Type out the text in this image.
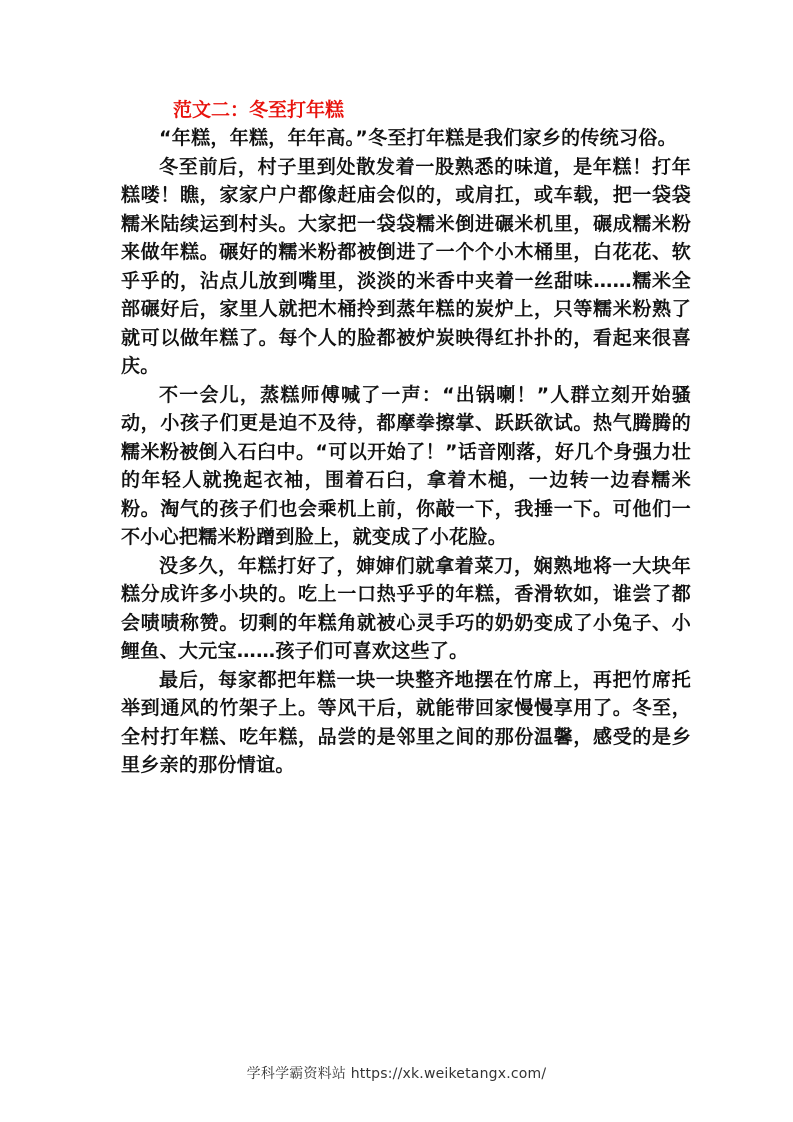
范文二：冬至打年糕

“年糕，年糕，年年高。”冬至打年糕是我们家乡的传统习俗。

冬至前后，村子里到处散发着一股熟悉的味道，是年糕！打年糕喽！瞧，家家户户都像赶庙会似的，或肩扛，或车载，把一袋袋糯米陆续运到村头。大家把一袋袋糯米倒进碾米机里，碾成糯米粉来做年糕。碾好的糯米粉都被倒进了一个个小木桶里，白花花、软乎乎的，沾点儿放到嘴里，淡淡的米香中夹着一丝甜味……糯米全部碾好后，家里人就把木桶拎到蒸年糕的炭炉上，只等糯米粉熟了就可以做年糕了。每个人的脸都被炉炭映得红扑扑的，看起来很喜庆。

不一会儿，蒸糕师傅喊了一声：“出锅喇！”人群立刻开始骚动，小孩子们更是迫不及待，都摩拳擦掌、跃跃欲试。热气腾腾的糯米粉被倒入石臼中。“可以开始了！”话音刚落，好几个身强力壮的年轻人就挽起衣袖，围着石臼，拿着木槌，一边转一边舂糯米粉。淘气的孩子们也会乘机上前，你敲一下，我捶一下。可他们一不小心把糯米粉蹭到脸上，就变成了小花脸。

没多久，年糕打好了，婶婶们就拿着菜刀，娴熟地将一大块年糕分成许多小块的。吃上一口热乎乎的年糕，香滑软如，谁尝了都会啧啧称赞。切剩的年糕角就被心灵手巧的奶奶变成了小兔子、小鲤鱼、大元宝……孩子们可喜欢这些了。

最后，每家都把年糕一块一块整齐地摆在竹席上，再把竹席托举到通风的竹架子上。等风干后，就能带回家慢慢享用了。冬至，全村打年糕、吃年糕，品尝的是邻里之间的那份温馨，感受的是乡里乡亲的那份情谊。

学科学霸资料站 https://xk.weiketangx.com/
